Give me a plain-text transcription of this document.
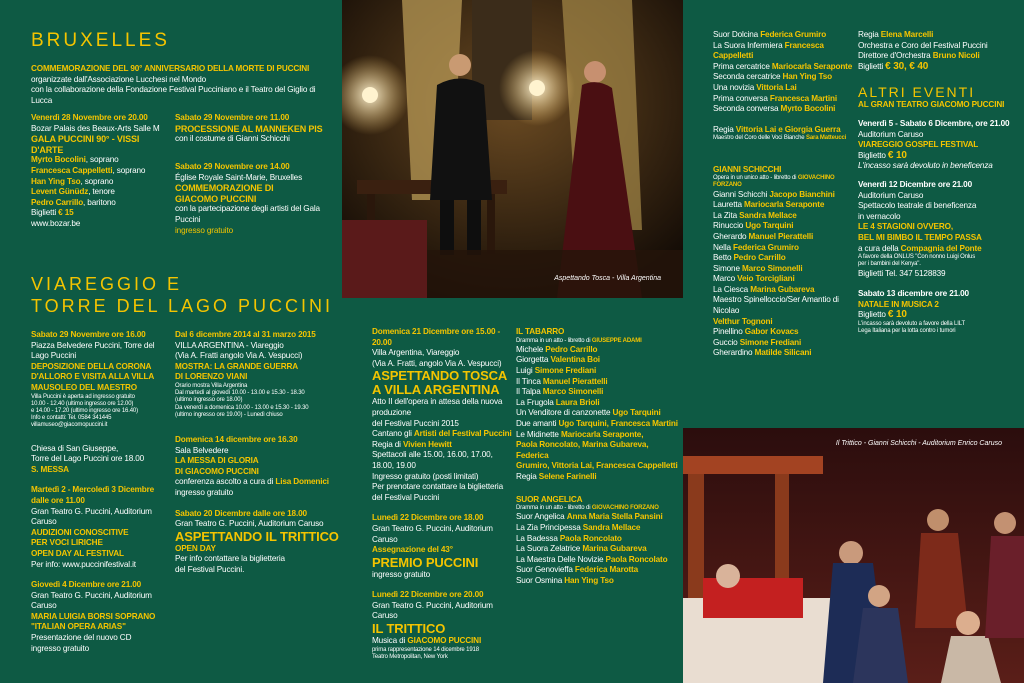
BRUXELLES

COMMEMORAZIONE DEL 90° ANNIVERSARIO DELLA MORTE DI PUCCINI

organizzate dall'Associazione Lucchesi nel Mondo

con la collaborazione della Fondazione Festival Pucciniano e il Teatro del Giglio di Lucca

Venerdì 28 Novembre ore 20.00

Bozar Palais des Beaux-Arts Salle M

GALA PUCCINI 90° - VISSI D'ARTE

Myrto Bocolini, soprano

Francesca Cappelletti, soprano

Han Ying Tso, soprano

Levent Günüdz, tenore

Pedro Carrillo, baritono

Biglietti € 15

www.bozar.be

Sabato 29 Novembre ore 11.00

PROCESSIONE AL MANNEKEN PIS

con il costume di Gianni Schicchi

Sabato 29 Novembre ore 14.00

Église Royale Saint-Marie, Bruxelles

COMMEMORAZIONE DI

GIACOMO PUCCINI

con la partecipazione degli artisti del Gala Puccini

ingresso gratuito

VIAREGGIO E
TORRE DEL LAGO PUCCINI

Sabato 29 Novembre ore 16.00

Piazza Belvedere Puccini, Torre del Lago Puccini

DEPOSIZIONE DELLA CORONA

D'ALLORO E VISITA ALLA VILLA

MAUSOLEO DEL MAESTRO

Villa Puccini è aperta ad ingresso gratuito

10.00 - 12.40 (ultimo ingresso ore 12.00)

e 14.00 - 17.20 (ultimo ingresso ore 16.40)

Info e contatti: Tel. 0584 341445

villamuseo@giacomopuccini.it

Chiesa di San Giuseppe,

Torre del Lago Puccini ore 18.00

S. MESSA

Martedì 2 - Mercoledì 3 Dicembre dalle ore 11.00

Gran Teatro G. Puccini, Auditorium Caruso

AUDIZIONI CONOSCITIVE

PER VOCI LIRICHE

OPEN DAY AL FESTIVAL

Per info: www.puccinifestival.it

Giovedì 4 Dicembre ore 21.00

Gran Teatro G. Puccini, Auditorium Caruso

MARIA LUIGIA BORSI SOPRANO

"ITALIAN OPERA ARIAS"

Presentazione del nuovo CD

ingresso gratuito

Dal 6 dicembre 2014 al 31 marzo 2015

VILLA ARGENTINA - Viareggio

(Via A. Fratti angolo Via A. Vespucci)

MOSTRA: LA GRANDE GUERRA

DI LORENZO VIANI

Orario mostra Villa Argentina

Dal martedì al giovedì 10.00 - 13.00 e 15.30 - 18.30

(ultimo ingresso ore 18.00)

Da venerdì a domenica 10.00 - 13.00 e 15.30 - 19.30

(ultimo ingresso ore 19.00) - Lunedì chiuso

Domenica 14 dicembre ore 16.30

Sala Belvedere

LA MESSA DI GLORIA

DI GIACOMO PUCCINI

conferenza ascolto a cura di Lisa Domenici

ingresso gratuito

Sabato 20 Dicembre dalle ore 18.00

Gran Teatro G. Puccini, Auditorium Caruso

ASPETTANDO IL TRITTICO

OPEN DAY

Per info contattare la biglietteria

del Festival Puccini.

Aspettando Tosca - Villa Argentina

Domenica 21 Dicembre ore 15.00 - 20.00

Villa Argentina, Viareggio

(Via A. Fratti, angolo Via A. Vespucci)

ASPETTANDO TOSCA

A VILLA ARGENTINA

Atto II dell'opera in attesa della nuova produzione

del Festival Puccini 2015

Cantano gli Artisti del Festival Puccini

Regia di Vivien Hewitt

Spettacoli alle 15.00, 16.00, 17.00, 18.00, 19.00

Ingresso gratuito (posti limitati)

Per prenotare contattare la biglietteria

del Festival Puccini

Lunedì 22 Dicembre ore 18.00

Gran Teatro G. Puccini, Auditorium Caruso

Assegnazione del 43°

PREMIO PUCCINI

ingresso gratuito

Lunedì 22 Dicembre ore 20.00

Gran Teatro G. Puccini, Auditorium Caruso

IL TRITTICO

Musica di GIACOMO PUCCINI

prima rappresentazione 14 dicembre 1918

Teatro Metropolitan, New York

IL TABARRO

Dramma in un atto - libretto di GIUSEPPE ADAMI

Michele Pedro Carrillo

Giorgetta Valentina Boi

Luigi Simone Frediani

Il Tinca Manuel Pierattelli

Il Talpa Marco Simonelli

La Frugola Laura Brioli

Un Venditore di canzonette Ugo Tarquini

Due amanti Ugo Tarquini, Francesca Martini

Le Midinette Mariocarla Seraponte,

Paola Roncolato, Marina Gubareva, Federica

Grumiro, Vittoria Lai, Francesca Cappelletti

Regia Selene Farinelli

SUOR ANGELICA

Dramma in un atto - libretto di GIOVACHINO FORZANO

Suor Angelica Anna Maria Stella Pansini

La Zia Principessa Sandra Mellace

La Badessa Paola Roncolato

La Suora Zelatrice Marina Gubareva

La Maestra Delle Novizie Paola Roncolato

Suor Genovieffa Federica Marotta

Suor Osmina Han Ying Tso

Suor Dolcina Federica Grumiro

La Suora Infermiera Francesca Cappelletti

Prima cercatrice Mariocarla Seraponte

Seconda cercatrice Han Ying Tso

Una novizia Vittoria Lai

Prima conversa Francesca Martini

Seconda conversa Myrto Bocolini

Regia Vittoria Lai e Giorgia Guerra

Maestro del Coro delle Voci Bianche Sara Matteucci

GIANNI SCHICCHI

Opera in un unico atto - libretto di GIOVACHINO FORZANO

Gianni Schicchi Jacopo Bianchini

Lauretta Mariocarla Seraponte

La Zita Sandra Mellace

Rinuccio Ugo Tarquini

Gherardo Manuel Pierattelli

Nella Federica Grumiro

Betto Pedro Carrillo

Simone Marco Simonelli

Marco Veio Torcigliani

La Ciesca Marina Gubareva

Maestro Spinelloccio/Ser Amantio di Nicolao

Velthur Tognoni

Pinellino Gabor Kovacs

Guccio Simone Frediani

Gherardino Matilde Silicani

Regia Elena Marcelli

Orchestra e Coro del Festival Puccini

Direttore d'Orchestra Bruno Nicoli

Biglietti € 30, € 40

ALTRI EVENTI

AL GRAN TEATRO GIACOMO PUCCINI

Venerdì 5 - Sabato 6 Dicembre, ore 21.00

Auditorium Caruso

VIAREGGIO GOSPEL FESTIVAL

Biglietto € 10

L'incasso sarà devoluto in beneficenza

Venerdì 12 Dicembre ore 21.00

Auditorium Caruso

Spettacolo teatrale di beneficenza

in vernacolo

LE 4 STAGIONI OVVERO,

BEL MI BIMBO IL TEMPO PASSA

a cura della Compagnia del Ponte

A favore della ONLUS "Con nonno Luigi Onlus

per i bambini del Kenya".

Biglietti Tel. 347 5128839

Sabato 13 dicembre ore 21.00

NATALE IN MUSICA 2

Biglietto € 10

L'incasso sarà devoluto a favore della LILT

Lega Italiana per la lotta contro i tumori

Il Trittico - Gianni Schicchi - Auditorium Enrico Caruso
